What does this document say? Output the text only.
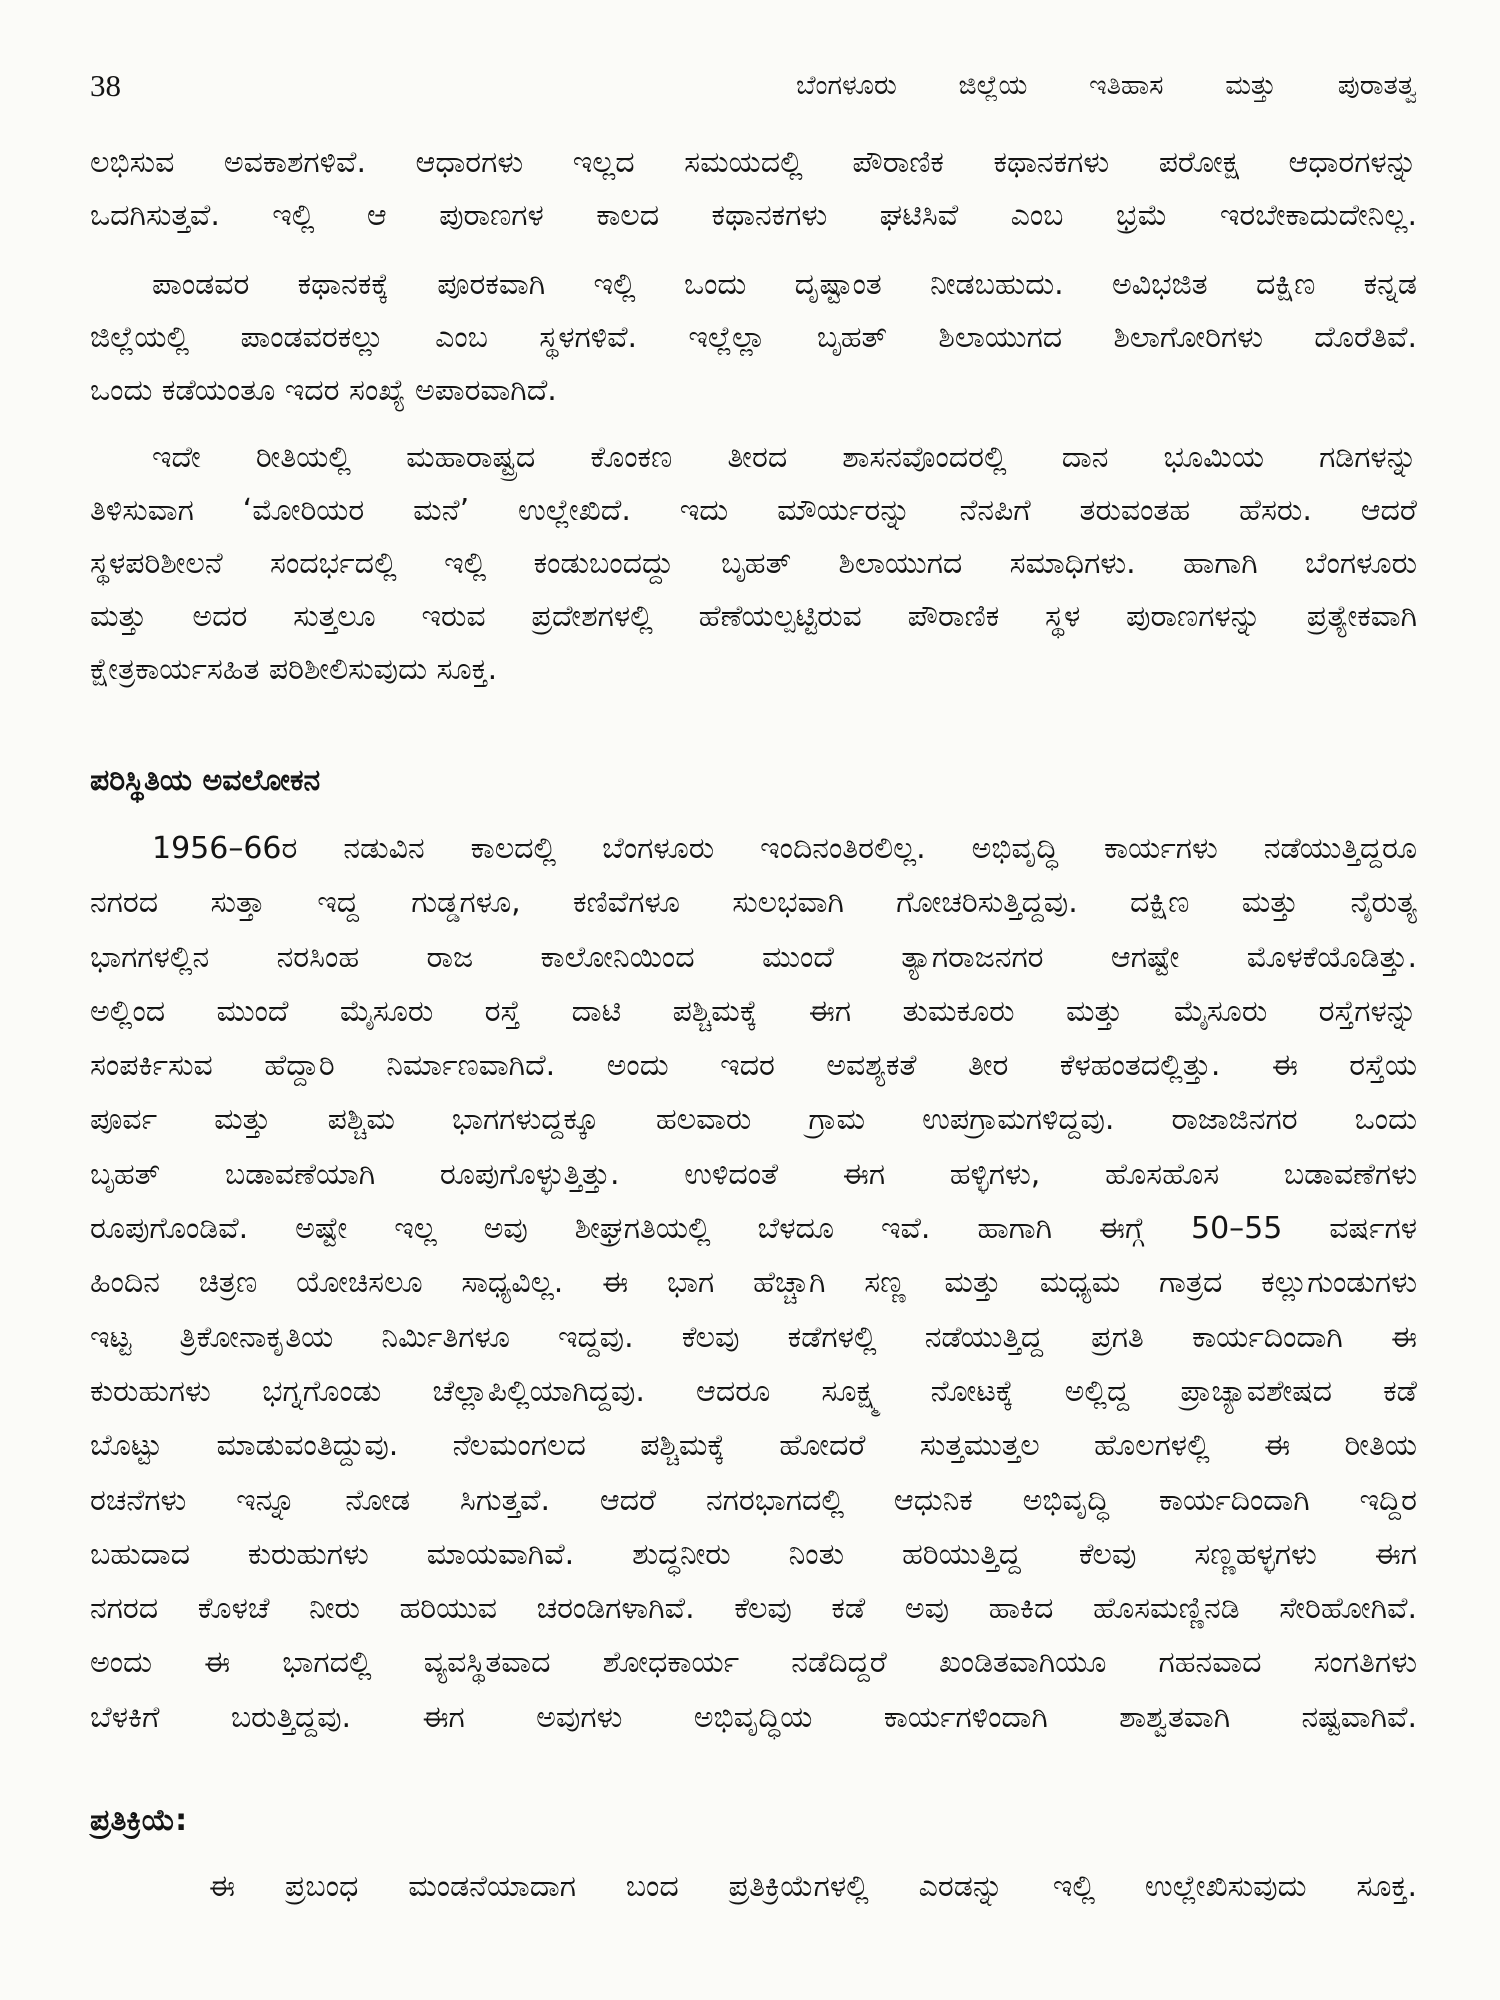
38	ಬೆಂಗಳೂರು ಜಿಲ್ಲೆಯ ಇತಿಹಾಸ ಮತ್ತು ಪುರಾತತ್ವ
ಲಭಿಸುವ ಅವಕಾಶಗಳಿವೆ. ಆಧಾರಗಳು ಇಲ್ಲದ ಸಮಯದಲ್ಲಿ ಪೌರಾಣಿಕ ಕಥಾನಕಗಳು ಪರೋಕ್ಷ ಆಧಾರಗಳನ್ನು
ಒದಗಿಸುತ್ತವೆ. ಇಲ್ಲಿ ಆ ಪುರಾಣಗಳ ಕಾಲದ ಕಥಾನಕಗಳು ಘಟಿಸಿವೆ ಎಂಬ ಭ್ರಮೆ ಇರಬೇಕಾದುದೇನಿಲ್ಲ.
ಪಾಂಡವರ ಕಥಾನಕಕ್ಕೆ ಪೂರಕವಾಗಿ ಇಲ್ಲಿ ಒಂದು ದೃಷ್ಟಾಂತ ನೀಡಬಹುದು. ಅವಿಭಜಿತ ದಕ್ಷಿಣ ಕನ್ನಡ
ಜಿಲ್ಲೆಯಲ್ಲಿ ಪಾಂಡವರಕಲ್ಲು ಎಂಬ ಸ್ಥಳಗಳಿವೆ. ಇಲ್ಲೆಲ್ಲಾ ಬೃಹತ್ ಶಿಲಾಯುಗದ ಶಿಲಾಗೋರಿಗಳು ದೊರೆತಿವೆ.
ಒಂದು ಕಡೆಯಂತೂ ಇದರ ಸಂಖ್ಯೆ ಅಪಾರವಾಗಿದೆ.
ಇದೇ ರೀತಿಯಲ್ಲಿ ಮಹಾರಾಷ್ಟ್ರದ ಕೊಂಕಣ ತೀರದ ಶಾಸನವೊಂದರಲ್ಲಿ ದಾನ ಭೂಮಿಯ ಗಡಿಗಳನ್ನು
ತಿಳಿಸುವಾಗ ‘ಮೋರಿಯರ ಮನೆ’ ಉಲ್ಲೇಖಿದೆ. ಇದು ಮೌರ್ಯರನ್ನು ನೆನಪಿಗೆ ತರುವಂತಹ ಹೆಸರು. ಆದರೆ
ಸ್ಥಳಪರಿಶೀಲನೆ ಸಂದರ್ಭದಲ್ಲಿ ಇಲ್ಲಿ ಕಂಡುಬಂದದ್ದು ಬೃಹತ್ ಶಿಲಾಯುಗದ ಸಮಾಧಿಗಳು. ಹಾಗಾಗಿ ಬೆಂಗಳೂರು
ಮತ್ತು ಅದರ ಸುತ್ತಲೂ ಇರುವ ಪ್ರದೇಶಗಳಲ್ಲಿ ಹೆಣೆಯಲ್ಪಟ್ಟಿರುವ ಪೌರಾಣಿಕ ಸ್ಥಳ ಪುರಾಣಗಳನ್ನು ಪ್ರತ್ಯೇಕವಾಗಿ
ಕ್ಷೇತ್ರಕಾರ್ಯಸಹಿತ ಪರಿಶೀಲಿಸುವುದು ಸೂಕ್ತ.
ಪರಿಸ್ಥಿತಿಯ ಅವಲೋಕನ
1956–66ರ ನಡುವಿನ ಕಾಲದಲ್ಲಿ ಬೆಂಗಳೂರು ಇಂದಿನಂತಿರಲಿಲ್ಲ. ಅಭಿವೃದ್ಧಿ ಕಾರ್ಯಗಳು ನಡೆಯುತ್ತಿದ್ದರೂ
ನಗರದ ಸುತ್ತಾ ಇದ್ದ ಗುಡ್ಡಗಳೂ, ಕಣಿವೆಗಳೂ ಸುಲಭವಾಗಿ ಗೋಚರಿಸುತ್ತಿದ್ದವು. ದಕ್ಷಿಣ ಮತ್ತು ನೈರುತ್ಯ
ಭಾಗಗಳಲ್ಲಿನ ನರಸಿಂಹ ರಾಜ ಕಾಲೋನಿಯಿಂದ ಮುಂದೆ ತ್ಯಾಗರಾಜನಗರ ಆಗಷ್ಟೇ ಮೊಳಕೆಯೊಡಿತ್ತು.
ಅಲ್ಲಿಂದ ಮುಂದೆ ಮೈಸೂರು ರಸ್ತೆ ದಾಟಿ ಪಶ್ಚಿಮಕ್ಕೆ ಈಗ ತುಮಕೂರು ಮತ್ತು ಮೈಸೂರು ರಸ್ತೆಗಳನ್ನು
ಸಂಪರ್ಕಿಸುವ ಹೆದ್ದಾರಿ ನಿರ್ಮಾಣವಾಗಿದೆ. ಅಂದು ಇದರ ಅವಶ್ಯಕತೆ ತೀರ ಕೆಳಹಂತದಲ್ಲಿತ್ತು. ಈ ರಸ್ತೆಯ
ಪೂರ್ವ ಮತ್ತು ಪಶ್ಚಿಮ ಭಾಗಗಳುದ್ದಕ್ಕೂ ಹಲವಾರು ಗ್ರಾಮ ಉಪಗ್ರಾಮಗಳಿದ್ದವು. ರಾಜಾಜಿನಗರ ಒಂದು
ಬೃಹತ್ ಬಡಾವಣೆಯಾಗಿ ರೂಪುಗೊಳ್ಳುತ್ತಿತ್ತು. ಉಳಿದಂತೆ ಈಗ ಹಳ್ಳಿಗಳು, ಹೊಸಹೊಸ ಬಡಾವಣೆಗಳು
ರೂಪುಗೊಂಡಿವೆ. ಅಷ್ಟೇ ಇಲ್ಲ ಅವು ಶೀಘ್ರಗತಿಯಲ್ಲಿ ಬೆಳದೂ ಇವೆ. ಹಾಗಾಗಿ ಈಗ್ಗೆ 50–55 ವರ್ಷಗಳ
ಹಿಂದಿನ ಚಿತ್ರಣ ಯೋಚಿಸಲೂ ಸಾಧ್ಯವಿಲ್ಲ. ಈ ಭಾಗ ಹೆಚ್ಚಾಗಿ ಸಣ್ಣ ಮತ್ತು ಮಧ್ಯಮ ಗಾತ್ರದ ಕಲ್ಲುಗುಂಡುಗಳು
ಇಟ್ಟ ತ್ರಿಕೋನಾಕೃತಿಯ ನಿರ್ಮಿತಿಗಳೂ ಇದ್ದವು. ಕೆಲವು ಕಡೆಗಳಲ್ಲಿ ನಡೆಯುತ್ತಿದ್ದ ಪ್ರಗತಿ ಕಾರ್ಯದಿಂದಾಗಿ ಈ
ಕುರುಹುಗಳು ಭಗ್ನಗೊಂಡು ಚೆಲ್ಲಾಪಿಲ್ಲಿಯಾಗಿದ್ದವು. ಆದರೂ ಸೂಕ್ಷ್ಮ ನೋಟಕ್ಕೆ ಅಲ್ಲಿದ್ದ ಪ್ರಾಚ್ಯಾವಶೇಷದ ಕಡೆ
ಬೊಟ್ಟು ಮಾಡುವಂತಿದ್ದುವು. ನೆಲಮಂಗಲದ ಪಶ್ಚಿಮಕ್ಕೆ ಹೋದರೆ ಸುತ್ತಮುತ್ತಲ ಹೊಲಗಳಲ್ಲಿ ಈ ರೀತಿಯ
ರಚನೆಗಳು ಇನ್ನೂ ನೋಡ ಸಿಗುತ್ತವೆ. ಆದರೆ ನಗರಭಾಗದಲ್ಲಿ ಆಧುನಿಕ ಅಭಿವೃದ್ಧಿ ಕಾರ್ಯದಿಂದಾಗಿ ಇದ್ದಿರ
ಬಹುದಾದ ಕುರುಹುಗಳು ಮಾಯವಾಗಿವೆ. ಶುದ್ಧನೀರು ನಿಂತು ಹರಿಯುತ್ತಿದ್ದ ಕೆಲವು ಸಣ್ಣಹಳ್ಳಗಳು ಈಗ
ನಗರದ ಕೊಳಚೆ ನೀರು ಹರಿಯುವ ಚರಂಡಿಗಳಾಗಿವೆ. ಕೆಲವು ಕಡೆ ಅವು ಹಾಕಿದ ಹೊಸಮಣ್ಣಿನಡಿ ಸೇರಿಹೋಗಿವೆ.
ಅಂದು ಈ ಭಾಗದಲ್ಲಿ ವ್ಯವಸ್ಥಿತವಾದ ಶೋಧಕಾರ್ಯ ನಡೆದಿದ್ದರೆ ಖಂಡಿತವಾಗಿಯೂ ಗಹನವಾದ ಸಂಗತಿಗಳು
ಬೆಳಕಿಗೆ ಬರುತ್ತಿದ್ದವು. ಈಗ ಅವುಗಳು ಅಭಿವೃದ್ಧಿಯ ಕಾರ್ಯಗಳಿಂದಾಗಿ ಶಾಶ್ವತವಾಗಿ ನಷ್ಟವಾಗಿವೆ.
ಪ್ರತಿಕ್ರಿಯೆ:
ಈ ಪ್ರಬಂಧ ಮಂಡನೆಯಾದಾಗ ಬಂದ ಪ್ರತಿಕ್ರಿಯೆಗಳಲ್ಲಿ ಎರಡನ್ನು ಇಲ್ಲಿ ಉಲ್ಲೇಖಿಸುವುದು ಸೂಕ್ತ.
